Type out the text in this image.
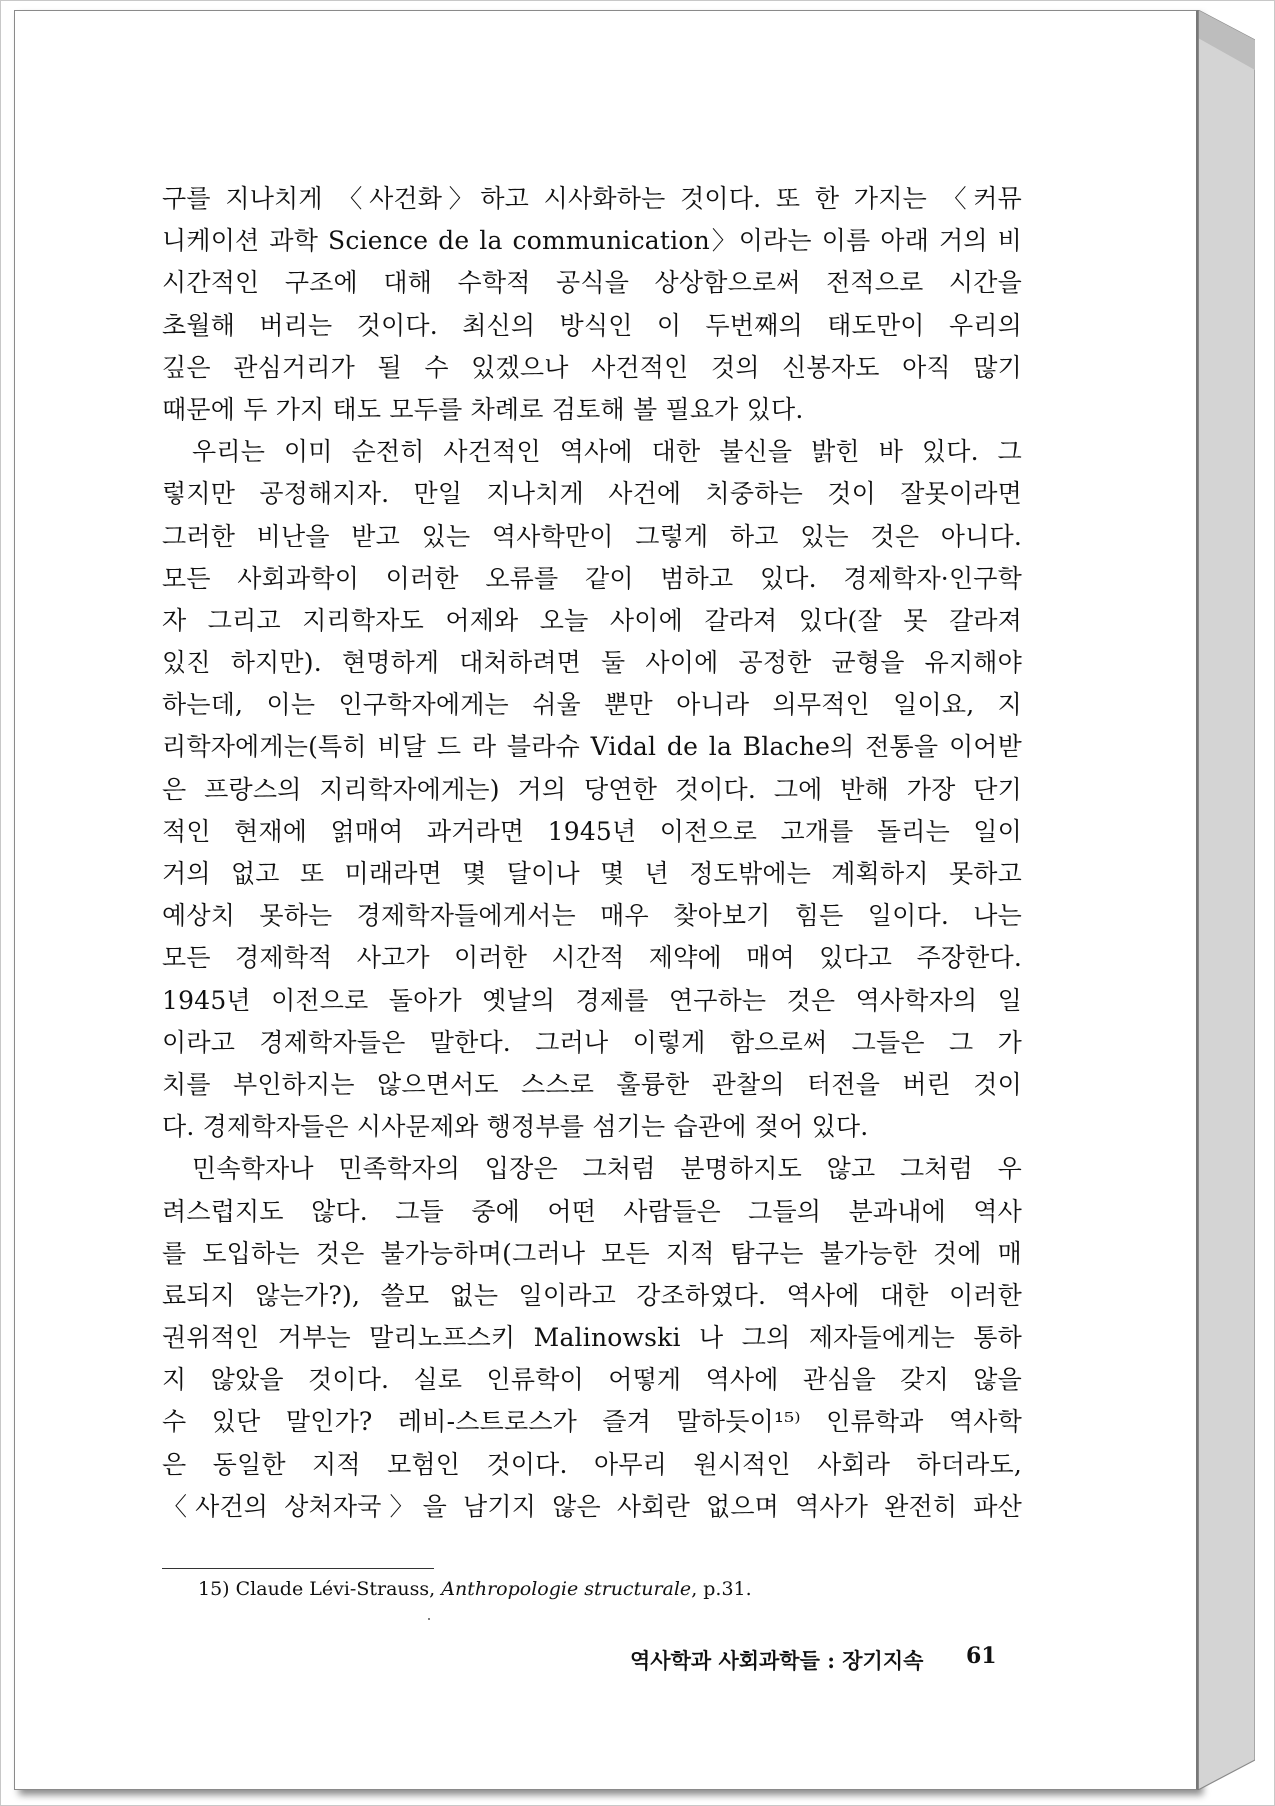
구를 지나치게 〈사건화〉하고 시사화하는 것이다. 또 한 가지는 〈커뮤
니케이션 과학 Science de la communication〉이라는 이름 아래 거의 비
시간적인 구조에 대해 수학적 공식을 상상함으로써 전적으로 시간을
초월해 버리는 것이다. 최신의 방식인 이 두번째의 태도만이 우리의
깊은 관심거리가 될 수 있겠으나 사건적인 것의 신봉자도 아직 많기
때문에 두 가지 태도 모두를 차례로 검토해 볼 필요가 있다.
우리는 이미 순전히 사건적인 역사에 대한 불신을 밝힌 바 있다. 그
렇지만 공정해지자. 만일 지나치게 사건에 치중하는 것이 잘못이라면
그러한 비난을 받고 있는 역사학만이 그렇게 하고 있는 것은 아니다.
모든 사회과학이 이러한 오류를 같이 범하고 있다. 경제학자·인구학
자 그리고 지리학자도 어제와 오늘 사이에 갈라져 있다(잘 못 갈라져
있진 하지만). 현명하게 대처하려면 둘 사이에 공정한 균형을 유지해야
하는데, 이는 인구학자에게는 쉬울 뿐만 아니라 의무적인 일이요, 지
리학자에게는(특히 비달 드 라 블라슈 Vidal de la Blache의 전통을 이어받
은 프랑스의 지리학자에게는) 거의 당연한 것이다. 그에 반해 가장 단기
적인 현재에 얽매여 과거라면 1945년 이전으로 고개를 돌리는 일이
거의 없고 또 미래라면 몇 달이나 몇 년 정도밖에는 계획하지 못하고
예상치 못하는 경제학자들에게서는 매우 찾아보기 힘든 일이다. 나는
모든 경제학적 사고가 이러한 시간적 제약에 매여 있다고 주장한다.
1945년 이전으로 돌아가 옛날의 경제를 연구하는 것은 역사학자의 일
이라고 경제학자들은 말한다. 그러나 이렇게 함으로써 그들은 그 가
치를 부인하지는 않으면서도 스스로 훌륭한 관찰의 터전을 버린 것이
다. 경제학자들은 시사문제와 행정부를 섬기는 습관에 젖어 있다.
민속학자나 민족학자의 입장은 그처럼 분명하지도 않고 그처럼 우
려스럽지도 않다. 그들 중에 어떤 사람들은 그들의 분과내에 역사
를 도입하는 것은 불가능하며(그러나 모든 지적 탐구는 불가능한 것에 매
료되지 않는가?), 쓸모 없는 일이라고 강조하였다. 역사에 대한 이러한
권위적인 거부는 말리노프스키 Malinowski 나 그의 제자들에게는 통하
지 않았을 것이다. 실로 인류학이 어떻게 역사에 관심을 갖지 않을
수 있단 말인가? 레비-스트로스가 즐겨 말하듯이¹⁵⁾ 인류학과 역사학
은 동일한 지적 모험인 것이다. 아무리 원시적인 사회라 하더라도,
〈사건의 상처자국〉을 남기지 않은 사회란 없으며 역사가 완전히 파산
15) Claude Lévi-Strauss, Anthropologie structurale, p.31.
역사학과 사회과학들 : 장기지속 61
